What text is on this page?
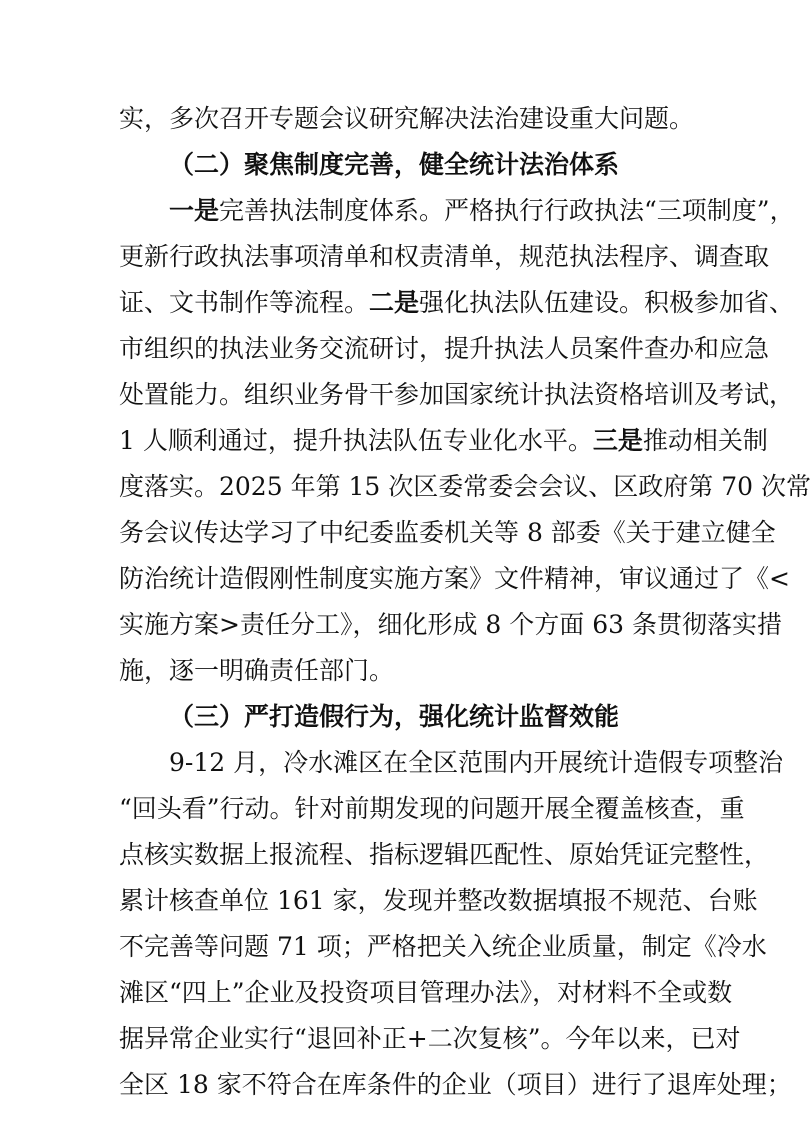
实，多次召开专题会议研究解决法治建设重大问题。
（二）聚焦制度完善，健全统计法治体系
一是完善执法制度体系。严格执行行政执法“三项制度”，
更新行政执法事项清单和权责清单，规范执法程序、调查取
证、文书制作等流程。二是强化执法队伍建设。积极参加省、
市组织的执法业务交流研讨，提升执法人员案件查办和应急
处置能力。组织业务骨干参加国家统计执法资格培训及考试，
1 人顺利通过，提升执法队伍专业化水平。三是推动相关制
度落实。2025 年第 15 次区委常委会会议、区政府第 70 次常
务会议传达学习了中纪委监委机关等 8 部委《关于建立健全
防治统计造假刚性制度实施方案》文件精神，审议通过了《<
实施方案>责任分工》，细化形成 8 个方面 63 条贯彻落实措
施，逐一明确责任部门。
（三）严打造假行为，强化统计监督效能
9-12 月，冷水滩区在全区范围内开展统计造假专项整治
“回头看”行动。针对前期发现的问题开展全覆盖核查，重
点核实数据上报流程、指标逻辑匹配性、原始凭证完整性，
累计核查单位 161 家，发现并整改数据填报不规范、台账
不完善等问题 71 项；严格把关入统企业质量，制定《冷水
滩区“四上”企业及投资项目管理办法》，对材料不全或数
据异常企业实行“退回补正+二次复核”。今年以来，已对
全区 18 家不符合在库条件的企业（项目）进行了退库处理；
